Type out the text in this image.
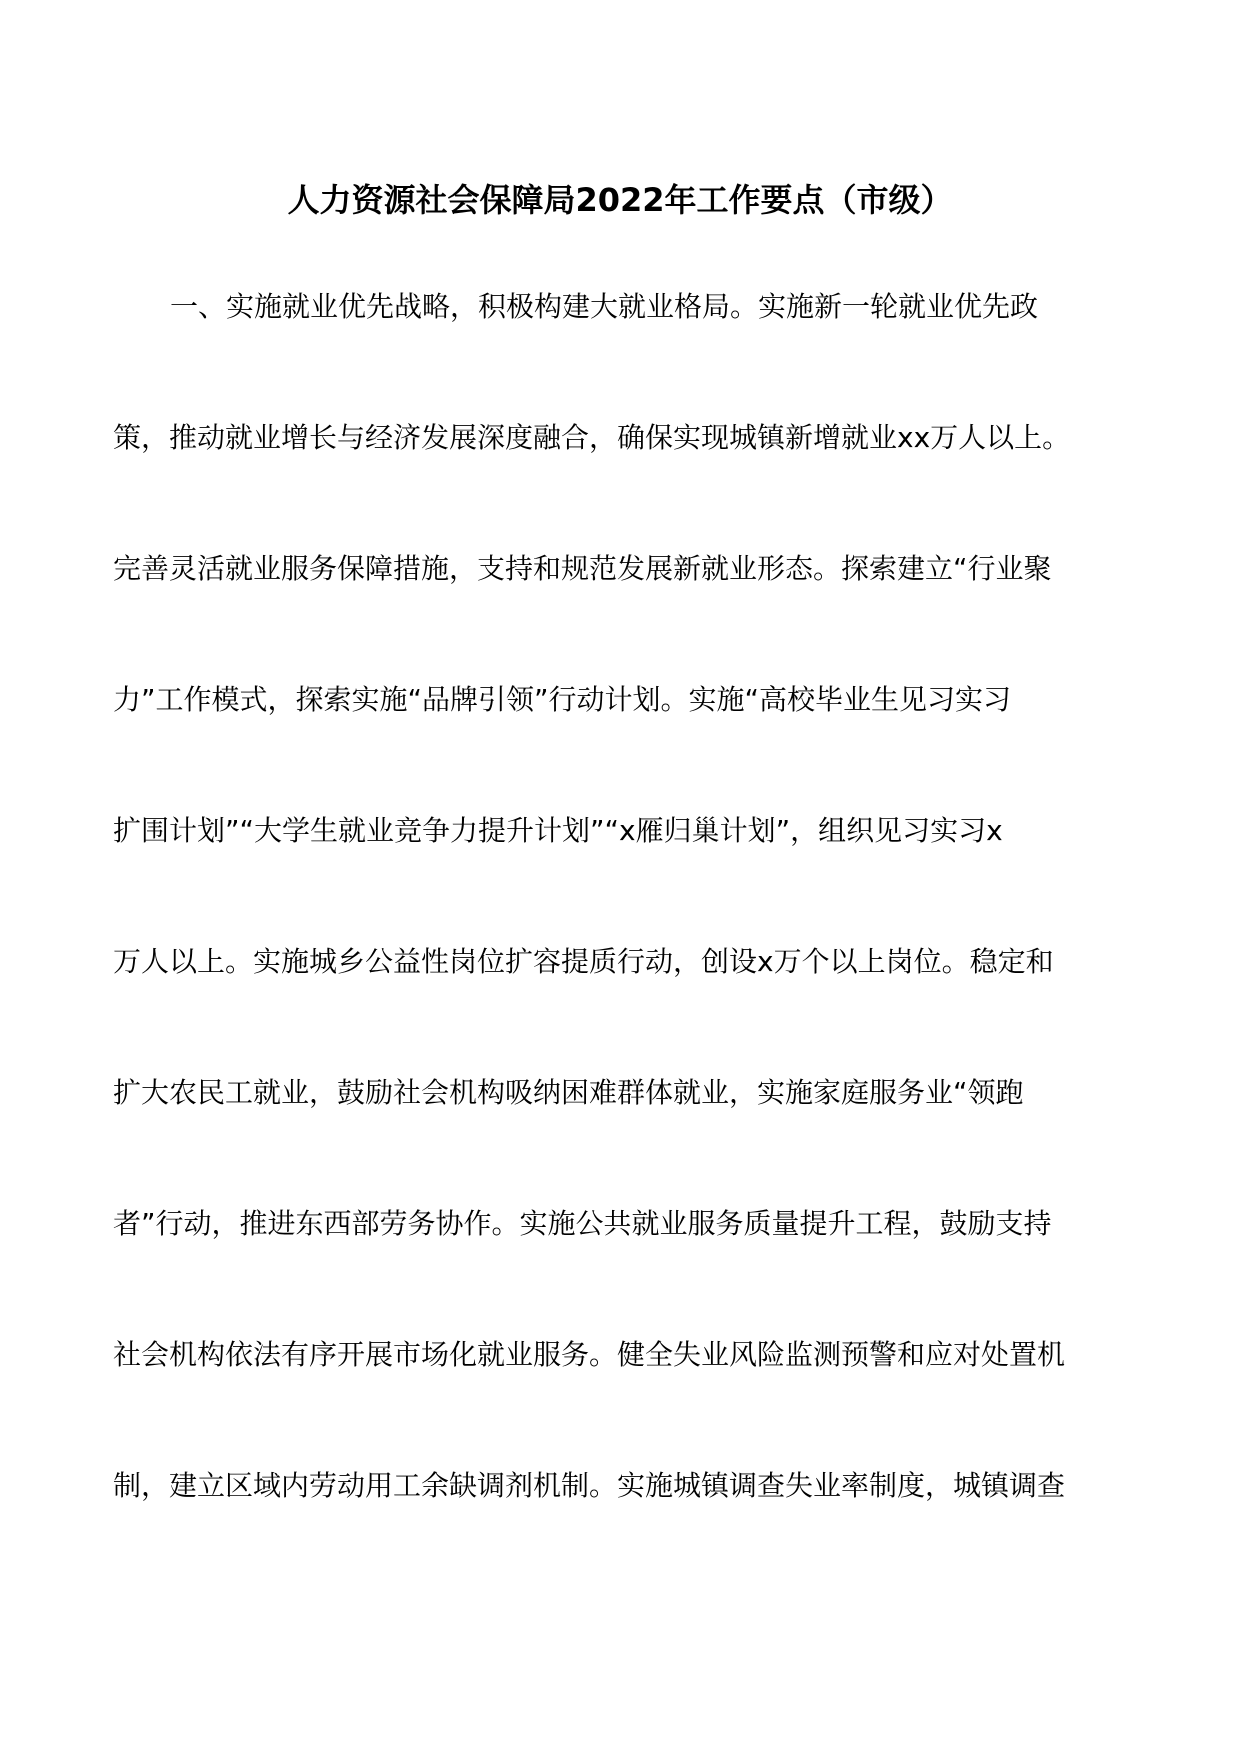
人力资源社会保障局2022年工作要点（市级）
一、实施就业优先战略，积极构建大就业格局。实施新一轮就业优先政
策，推动就业增长与经济发展深度融合，确保实现城镇新增就业xx万人以上。
完善灵活就业服务保障措施，支持和规范发展新就业形态。探索建立“行业聚
力”工作模式，探索实施“品牌引领”行动计划。实施“高校毕业生见习实习
扩围计划”“大学生就业竞争力提升计划”“x雁归巢计划”，组织见习实习x
万人以上。实施城乡公益性岗位扩容提质行动，创设x万个以上岗位。稳定和
扩大农民工就业，鼓励社会机构吸纳困难群体就业，实施家庭服务业“领跑
者”行动，推进东西部劳务协作。实施公共就业服务质量提升工程，鼓励支持
社会机构依法有序开展市场化就业服务。健全失业风险监测预警和应对处置机
制，建立区域内劳动用工余缺调剂机制。实施城镇调查失业率制度，城镇调查
